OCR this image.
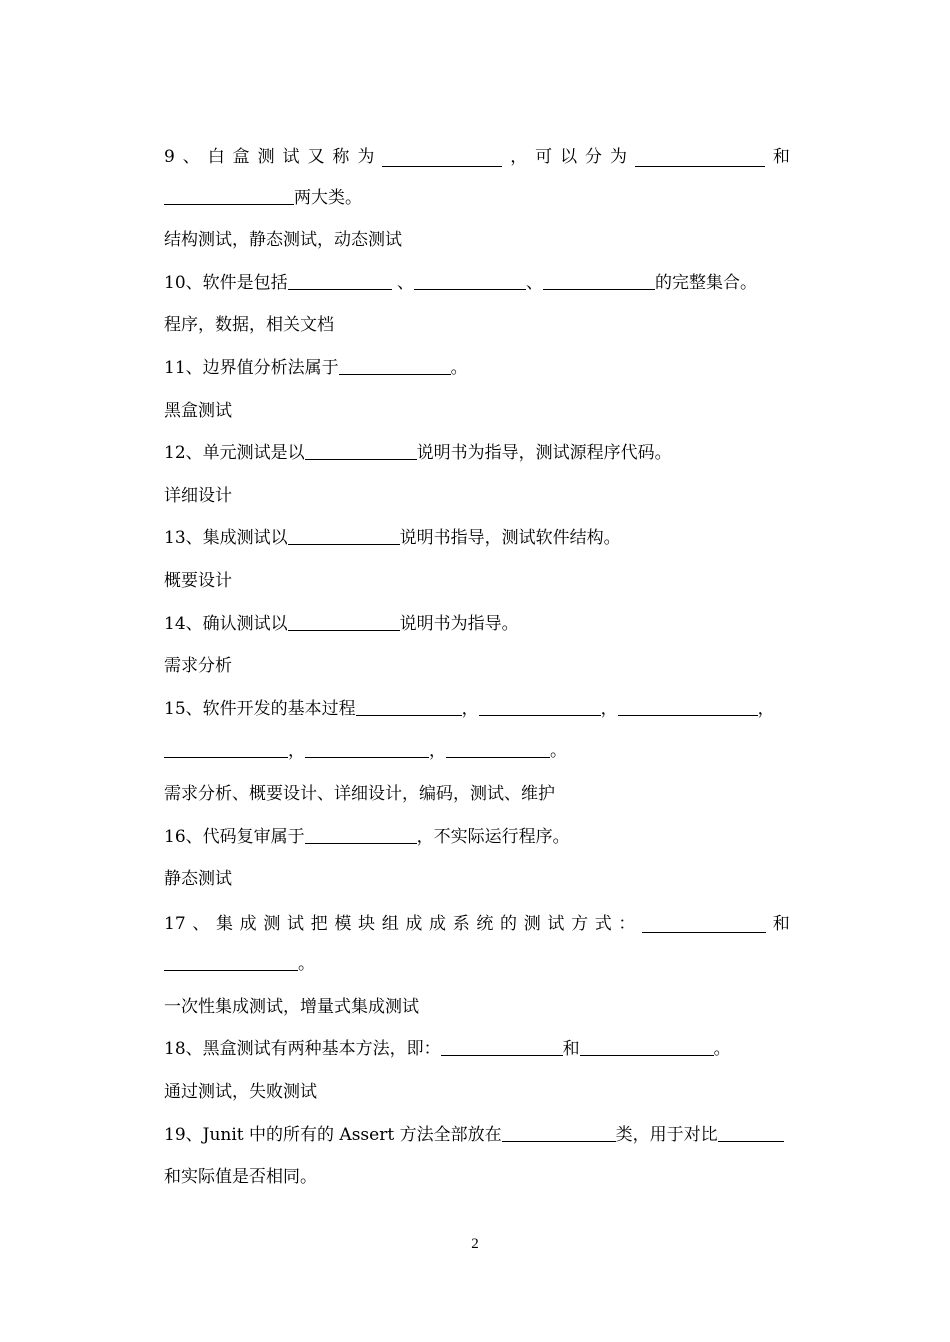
9 、 白 盒 测 试 又 称 为	， 可 以 分 为	和
两大类。
结构测试，静态测试，动态测试
10、软件是包括	、	、	的完整集合。
程序，数据，相关文档
11、边界值分析法属于	。
黑盒测试
12、单元测试是以	说明书为指导，测试源程序代码。
详细设计
13、集成测试以	说明书指导，测试软件结构。
概要设计
14、确认测试以	说明书为指导。
需求分析
15、软件开发的基本过程	，	，	，
，	，	。
需求分析、概要设计、详细设计，编码，测试、维护
16、代码复审属于	，不实际运行程序。
静态测试
17 、 集 成 测 试 把 模 块 组 成 成 系 统 的 测 试 方 式 ：	和
。
一次性集成测试，增量式集成测试
18、黑盒测试有两种基本方法，即：	和	。
通过测试，失败测试
19、Junit 中的所有的 Assert 方法全部放在	类，用于对比
和实际值是否相同。
2
